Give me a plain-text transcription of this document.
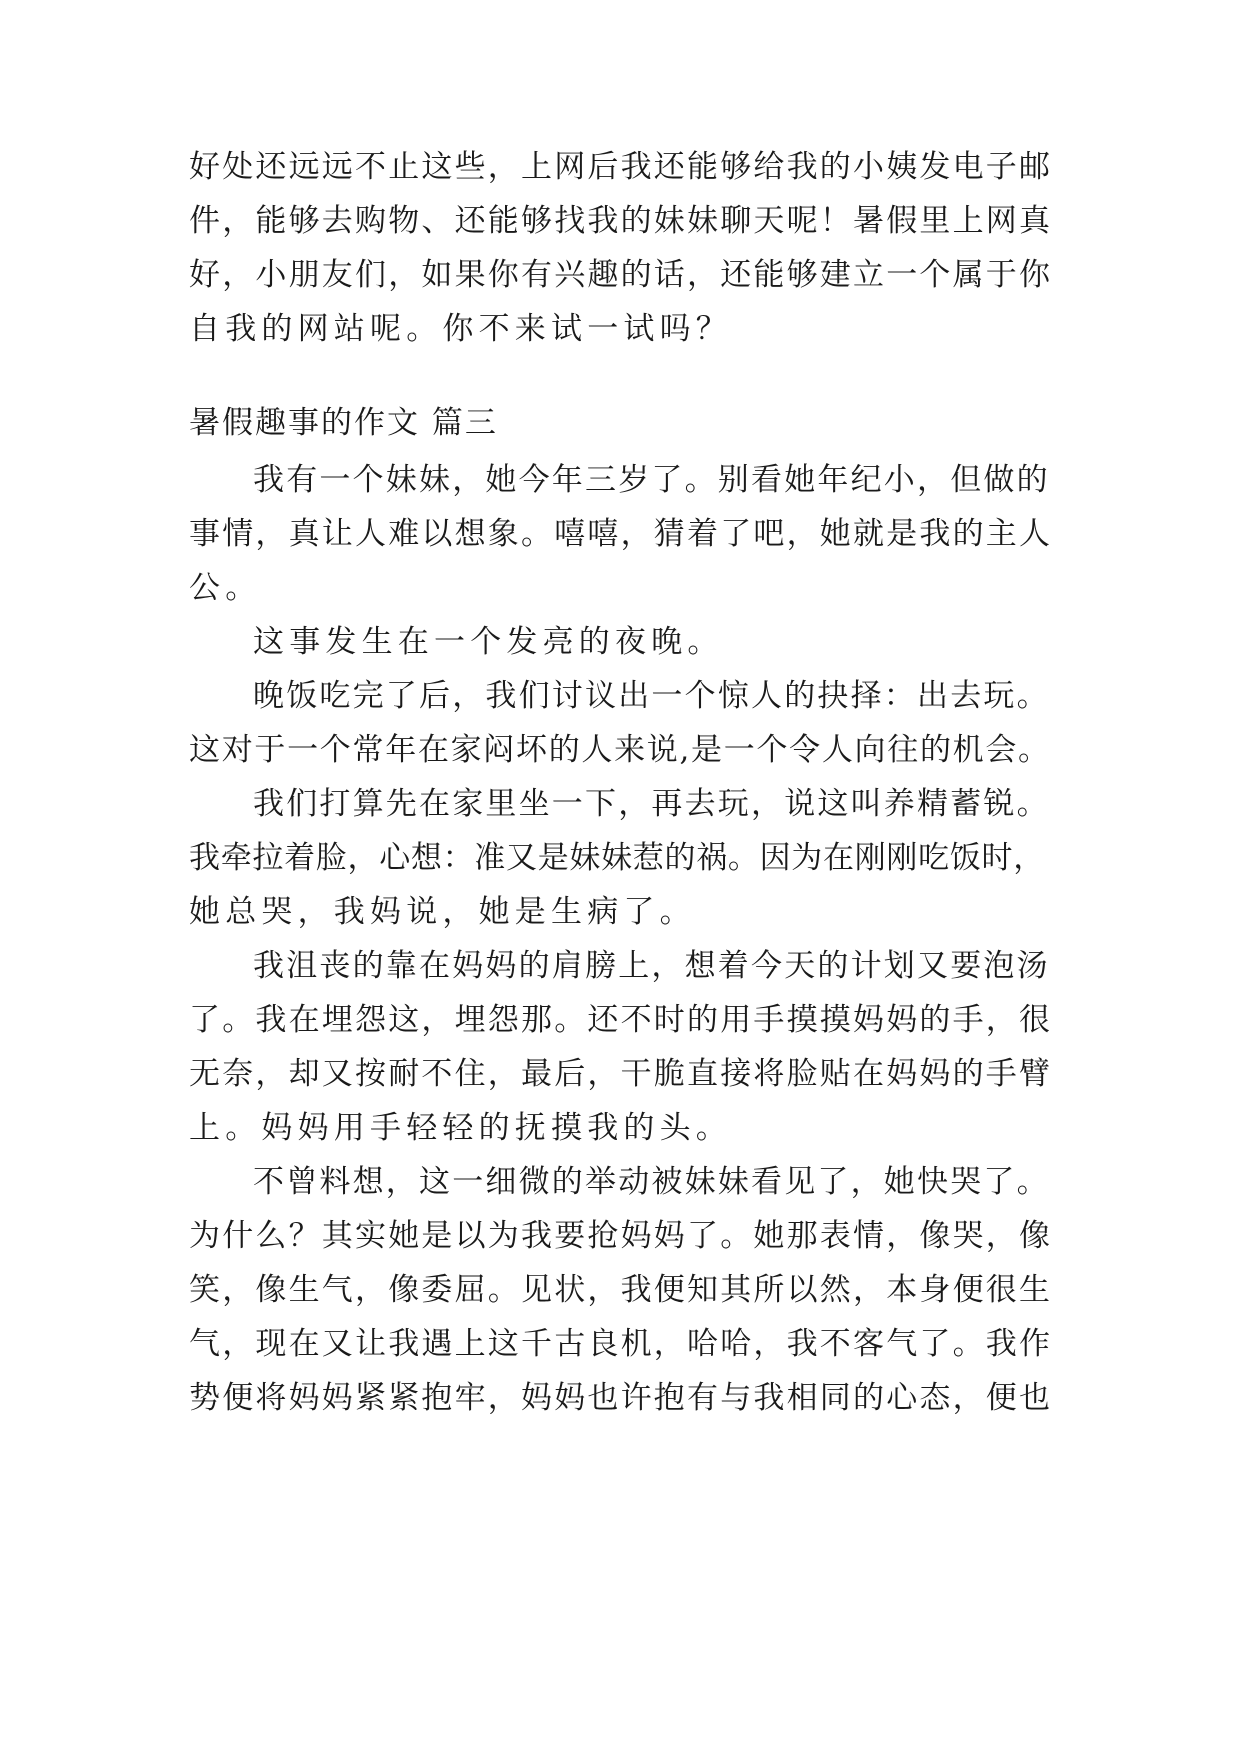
好处还远远不止这些，上网后我还能够给我的小姨发电子邮
件，能够去购物、还能够找我的妹妹聊天呢！暑假里上网真
好，小朋友们，如果你有兴趣的话，还能够建立一个属于你
自我的网站呢。你不来试一试吗？
暑假趣事的作文 篇三
我有一个妹妹，她今年三岁了。别看她年纪小，但做的
事情，真让人难以想象。嘻嘻，猜着了吧，她就是我的主人
公。
这事发生在一个发亮的夜晚。
晚饭吃完了后，我们讨议出一个惊人的抉择：出去玩。
这对于一个常年在家闷坏的人来说,是一个令人向往的机会。
我们打算先在家里坐一下，再去玩，说这叫养精蓄锐。
我牵拉着脸，心想：准又是妹妹惹的祸。因为在刚刚吃饭时，
她总哭，我妈说，她是生病了。
我沮丧的靠在妈妈的肩膀上，想着今天的计划又要泡汤
了。我在埋怨这，埋怨那。还不时的用手摸摸妈妈的手，很
无奈，却又按耐不住，最后，干脆直接将脸贴在妈妈的手臂
上。妈妈用手轻轻的抚摸我的头。
不曾料想，这一细微的举动被妹妹看见了，她快哭了。
为什么？其实她是以为我要抢妈妈了。她那表情，像哭，像
笑，像生气，像委屈。见状，我便知其所以然，本身便很生
气，现在又让我遇上这千古良机，哈哈，我不客气了。我作
势便将妈妈紧紧抱牢，妈妈也许抱有与我相同的心态，便也
